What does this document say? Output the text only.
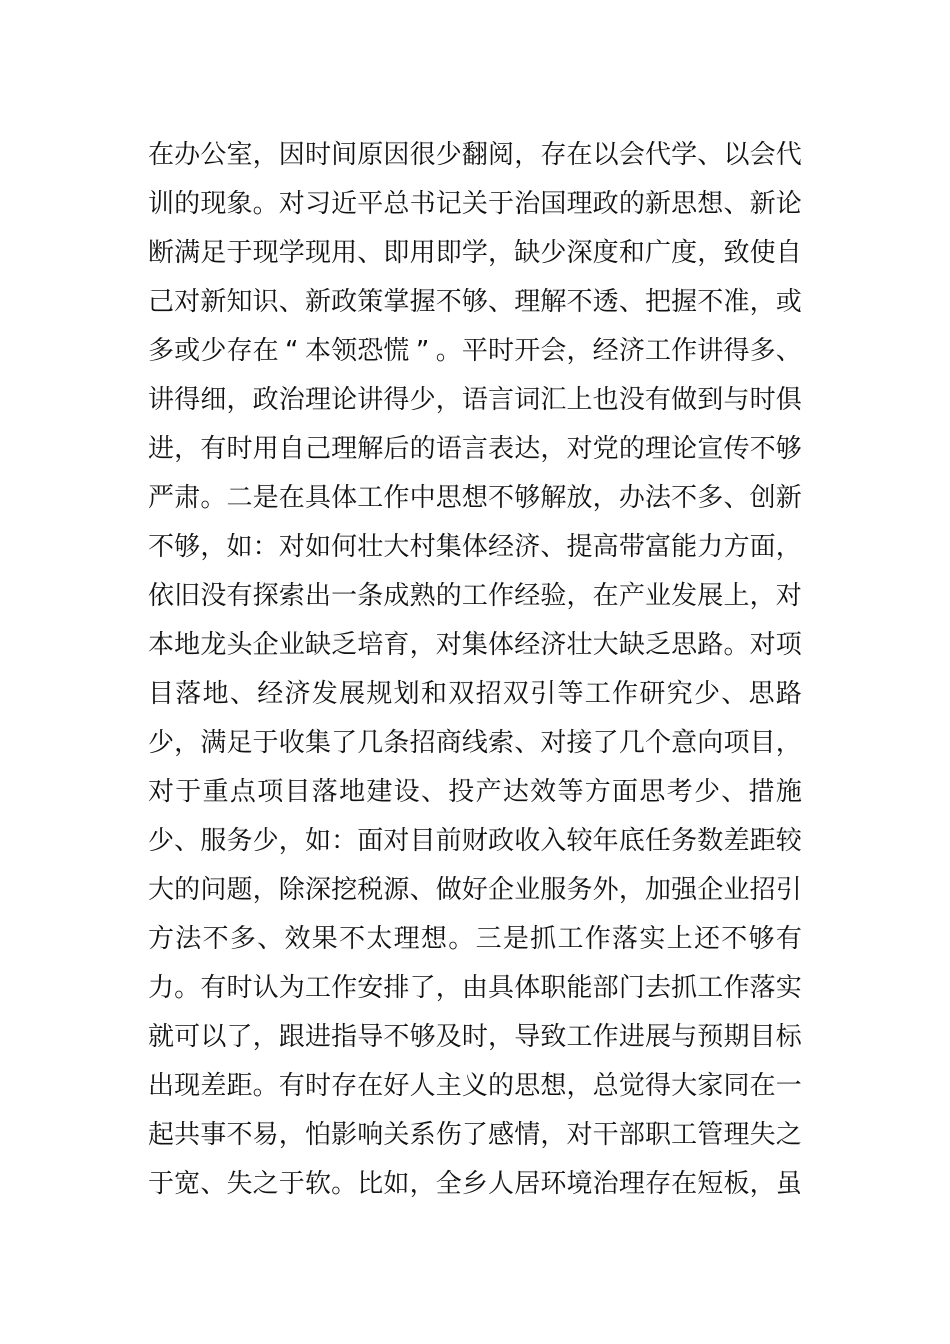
在 办 公 室 ， 因 时 间 原 因 很 少 翻 阅 ， 存 在 以 会 代 学 、 以 会 代
训 的 现 象 。 对 习 近 平 总 书 记 关 于 治 国 理 政 的 新 思 想 、 新 论
断 满 足 于 现 学 现 用 、 即 用 即 学 ， 缺 少 深 度 和 广 度 ， 致 使 自
己 对 新 知 识 、 新 政 策 掌 握 不 够 、 理 解 不 透 、 把 握 不 准 ， 或
多 或 少 存 在 “ 本 领 恐 慌 ” 。 平 时 开 会 ， 经 济 工 作 讲 得 多 、
讲 得 细 ， 政 治 理 论 讲 得 少 ， 语 言 词 汇 上 也 没 有 做 到 与 时 俱
进 ， 有 时 用 自 己 理 解 后 的 语 言 表 达 ， 对 党 的 理 论 宣 传 不 够
严 肃 。 二 是 在 具 体 工 作 中 思 想 不 够 解 放 ， 办 法 不 多 、 创 新
不 够 ， 如 ： 对 如 何 壮 大 村 集 体 经 济 、 提 高 带 富 能 力 方 面 ，
依 旧 没 有 探 索 出 一 条 成 熟 的 工 作 经 验 ， 在 产 业 发 展 上 ， 对
本 地 龙 头 企 业 缺 乏 培 育 ， 对 集 体 经 济 壮 大 缺 乏 思 路 。 对 项
目 落 地 、 经 济 发 展 规 划 和 双 招 双 引 等 工 作 研 究 少 、 思 路
少 ， 满 足 于 收 集 了 几 条 招 商 线 索 、 对 接 了 几 个 意 向 项 目 ，
对 于 重 点 项 目 落 地 建 设 、 投 产 达 效 等 方 面 思 考 少 、 措 施
少 、 服 务 少 ， 如 ： 面 对 目 前 财 政 收 入 较 年 底 任 务 数 差 距 较
大 的 问 题 ， 除 深 挖 税 源 、 做 好 企 业 服 务 外 ， 加 强 企 业 招 引
方 法 不 多 、 效 果 不 太 理 想 。 三 是 抓 工 作 落 实 上 还 不 够 有
力 。 有 时 认 为 工 作 安 排 了 ， 由 具 体 职 能 部 门 去 抓 工 作 落 实
就 可 以 了 ， 跟 进 指 导 不 够 及 时 ， 导 致 工 作 进 展 与 预 期 目 标
出 现 差 距 。 有 时 存 在 好 人 主 义 的 思 想 ， 总 觉 得 大 家 同 在 一
起 共 事 不 易 ， 怕 影 响 关 系 伤 了 感 情 ， 对 干 部 职 工 管 理 失 之
于 宽 、 失 之 于 软 。 比 如 ， 全 乡 人 居 环 境 治 理 存 在 短 板 ， 虽
